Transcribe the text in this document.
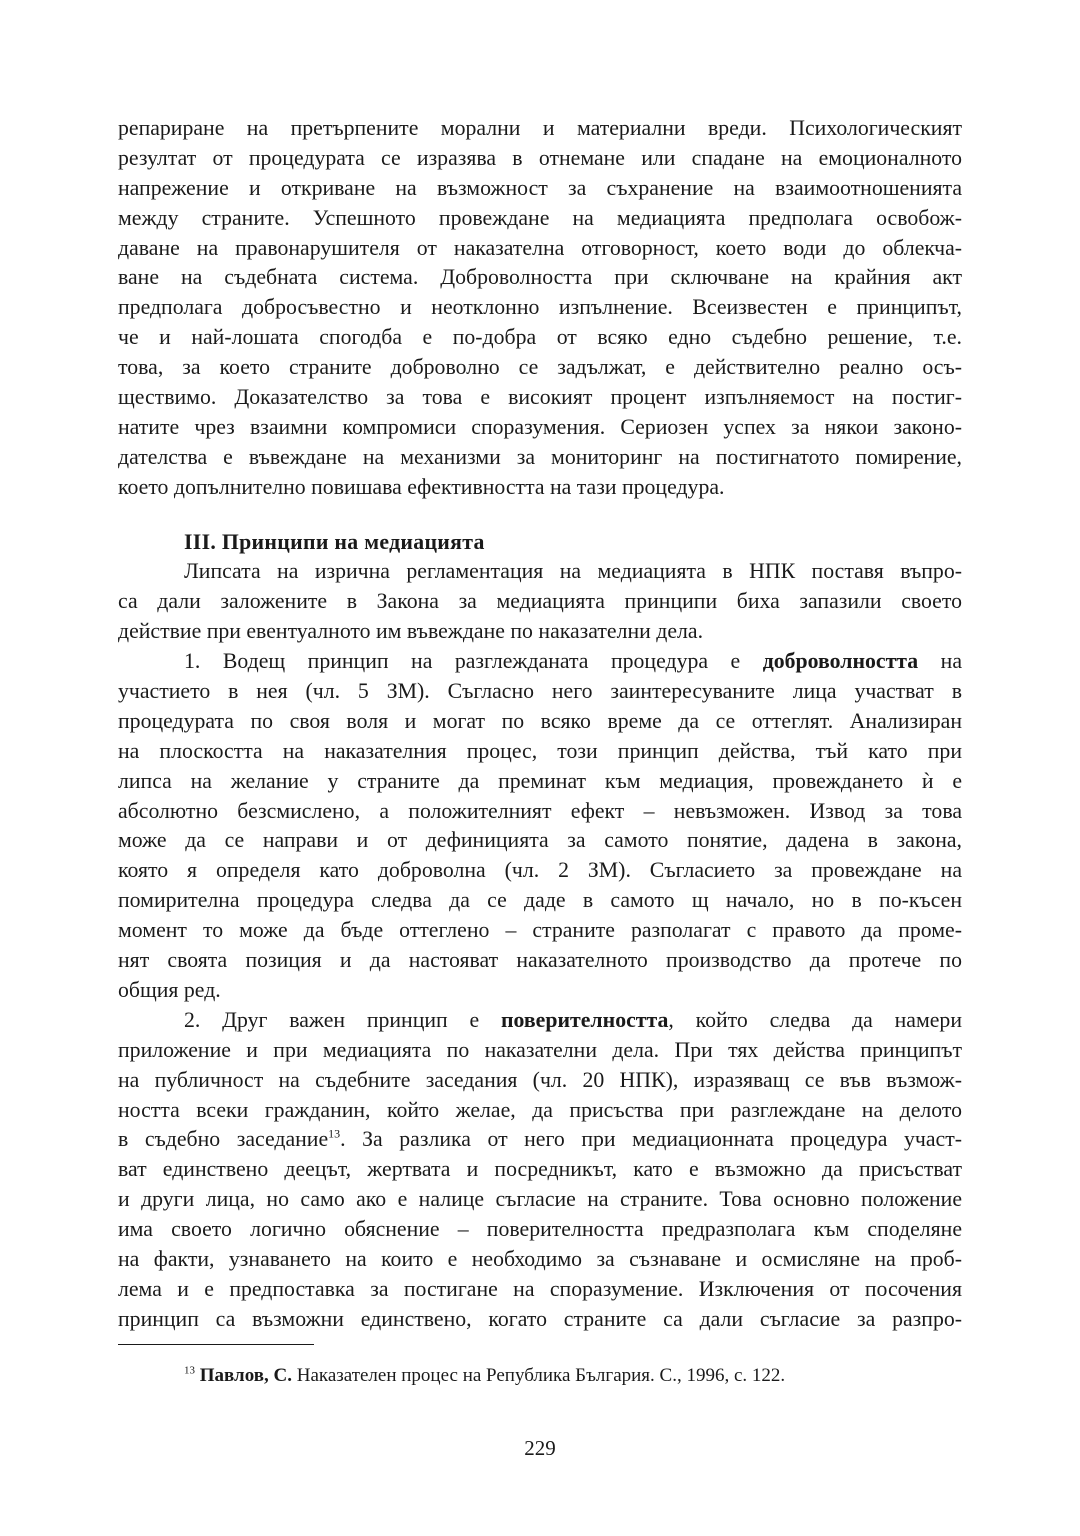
репариране на претърпените морални и материални вреди. Психологическият
резултат от процедурата се изразява в отнемане или спадане на емоционалното
напрежение и откриване на възможност за съхранение на взаимоотношенията
между страните. Успешното провеждане на медиацията предполага освобож-
даване на правонарушителя от наказателна отговорност, което води до облекча-
ване на съдебната система. Доброволността при сключване на крайния акт
предполага добросъвестно и неотклонно изпълнение. Всеизвестен е принципът,
че и най-лошата спогодба е по-добра от всяко едно съдебно решение, т.е.
това, за което страните доброволно се задължат, е действително реално осъ-
ществимо. Доказателство за това е високият процент изпълняемост на постиг-
натите чрез взаимни компромиси споразумения. Сериозен успех за някои законо-
дателства е въвеждане на механизми за мониторинг на постигнатото помирение,
което допълнително повишава ефективността на тази процедура.
III. Принципи на медиацията
Липсата на изрична регламентация на медиацията в НПК поставя въпро-
са дали заложените в Закона за медиацията принципи биха запазили своето
действие при евентуалното им въвеждане по наказателни дела.
1. Водещ принцип на разглежданата процедура е доброволността на
участието в нея (чл. 5 ЗМ). Съгласно него заинтересуваните лица участват в
процедурата по своя воля и могат по всяко време да се оттеглят. Анализиран
на плоскостта на наказателния процес, този принцип действа, тъй като при
липса на желание у страните да преминат към медиация, провеждането ѝ е
абсолютно безсмислено, а положителният ефект – невъзможен. Извод за това
може да се направи и от дефиницията за самото понятие, дадена в закона,
която я определя като доброволна (чл. 2 ЗМ). Съгласието за провеждане на
помирителна процедура следва да се даде в самото щ начало, но в по-късен
момент то може да бъде оттеглено – страните разполагат с правото да проме-
нят своята позиция и да настояват наказателното производство да протече по
общия ред.
2. Друг важен принцип е поверителността, който следва да намери
приложение и при медиацията по наказателни дела. При тях действа принципът
на публичност на съдебните заседания (чл. 20 НПК), изразяващ се във възмож-
ността всеки гражданин, който желае, да присъства при разглеждане на делото
в съдебно заседание$^{13}$. За разлика от него при медиационната процедура участ-
ват единствено деецът, жертвата и посредникът, като е възможно да присъстват
и други лица, но само ако е налице съгласие на страните. Това основно положение
има своето логично обяснение – поверителността предразполага към споделяне
на факти, узнаването на които е необходимо за съзнаване и осмисляне на проб-
лема и е предпоставка за постигане на споразумение. Изключения от посочения
принцип са възможни единствено, когато страните са дали съгласие за разпро-
$^{13}$ Павлов, С. Наказателен процес на Република България. С., 1996, с. 122.
229
